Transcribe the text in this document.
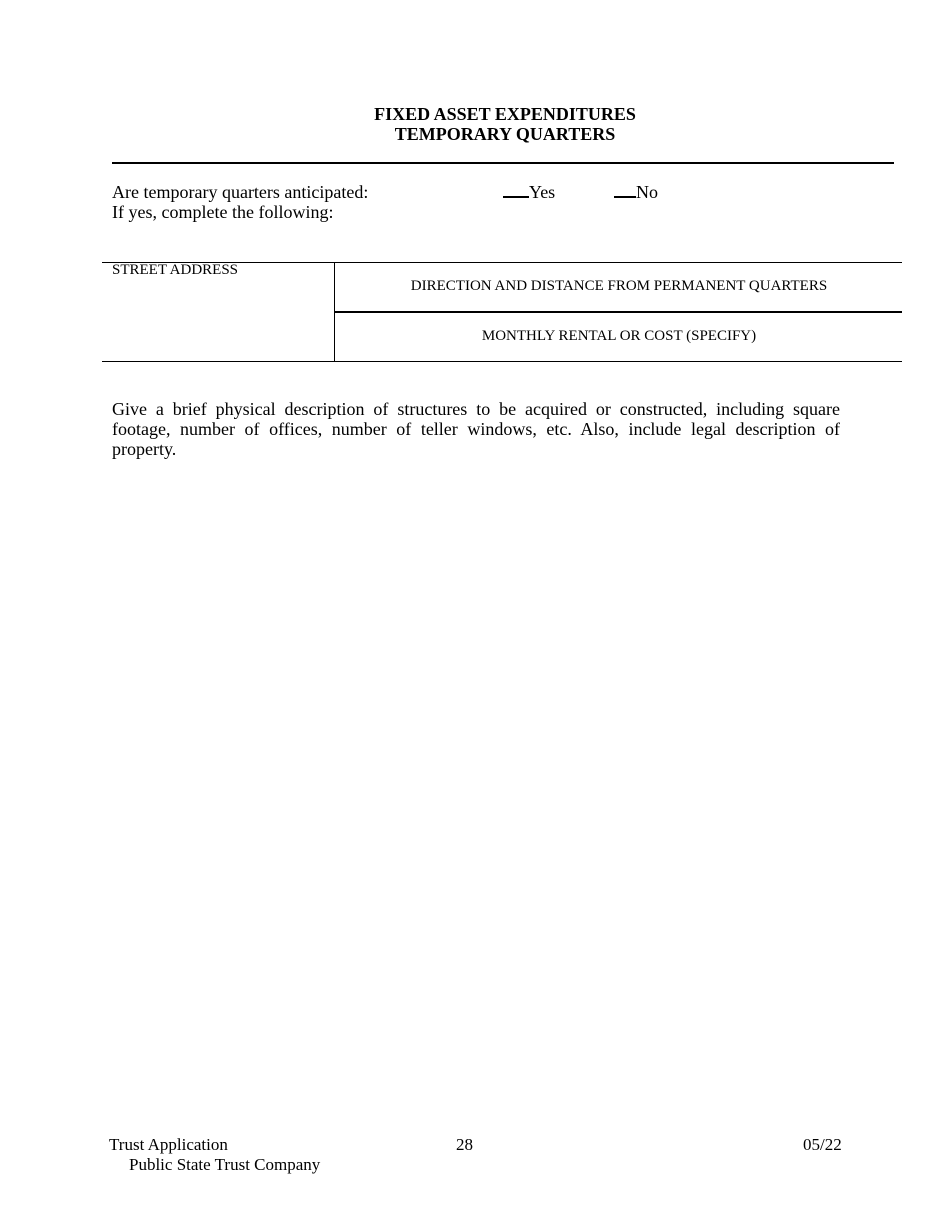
FIXED ASSET EXPENDITURES
TEMPORARY QUARTERS
Are temporary quarters anticipated:
If yes, complete the following:
Yes	No
STREET ADDRESS
DIRECTION AND DISTANCE FROM PERMANENT QUARTERS
MONTHLY RENTAL OR COST (SPECIFY)
Give a brief physical description of structures to be acquired or constructed, including square footage, number of offices, number of teller windows, etc. Also, include legal description of property.
Trust Application
Public State Trust Company
28	05/22
